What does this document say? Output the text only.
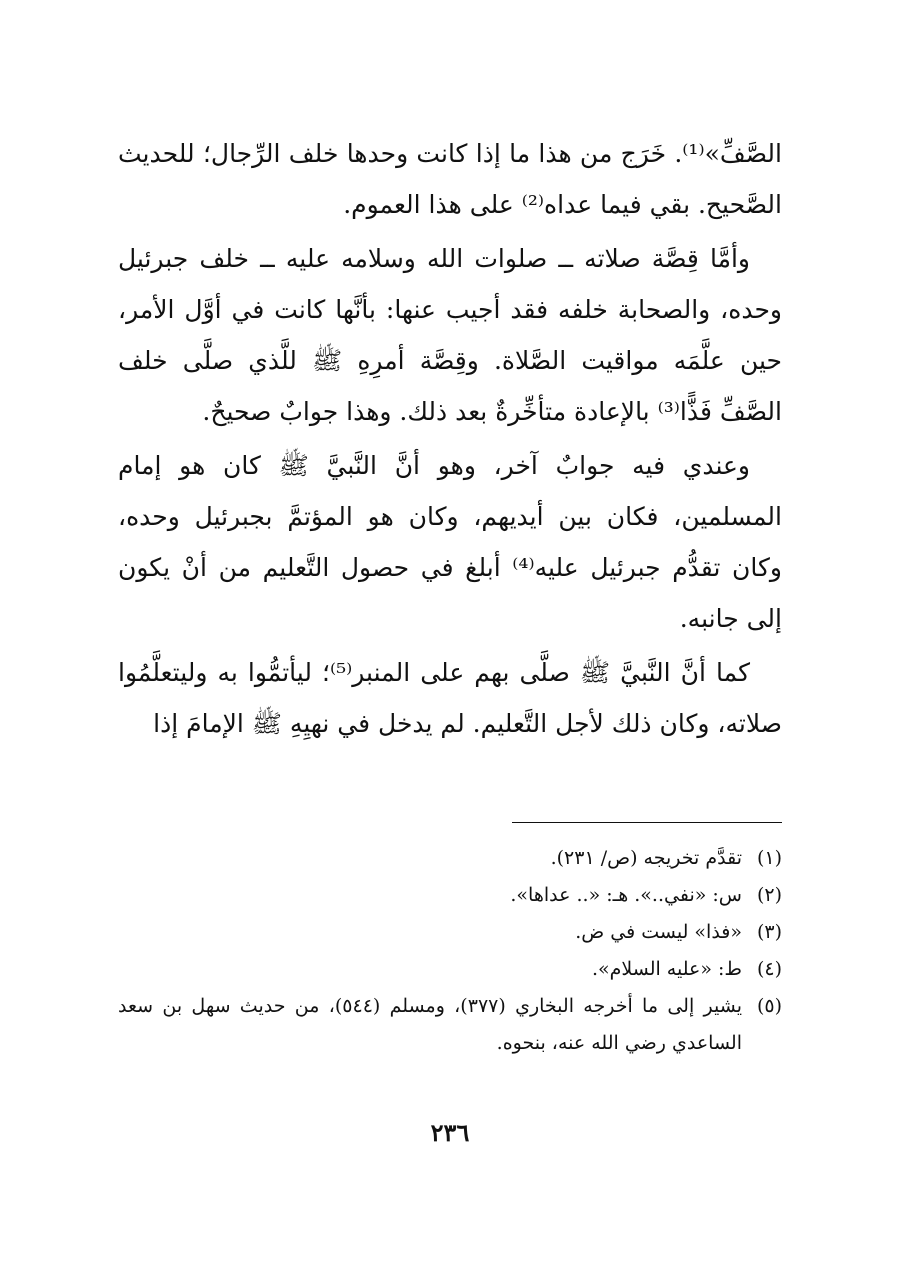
الصَّفِّ»⁽¹⁾. خَرَج من هذا ما إذا كانت وحدها خلف الرِّجال؛ للحديث الصَّحيح. بقي فيما عداه⁽²⁾ على هذا العموم.

وأمَّا قِصَّة صلاته ــ صلوات الله وسلامه عليه ــ خلف جبرئيل وحده، والصحابة خلفه فقد أجيب عنها: بأنَّها كانت في أوَّل الأمر، حين علَّمَه مواقيت الصَّلاة. وقِصَّة أمرِهِ ﷺ للَّذي صلَّى خلف الصَّفِّ فَذًّا⁽³⁾ بالإعادة متأخِّرةٌ بعد ذلك. وهذا جوابٌ صحيحٌ.

وعندي فيه جوابٌ آخر، وهو أنَّ النَّبيَّ ﷺ كان هو إمام المسلمين، فكان بين أيديهم، وكان هو المؤتمَّ بجبرئيل وحده، وكان تقدُّم جبرئيل عليه⁽⁴⁾ أبلغ في حصول التَّعليم من أنْ يكون إلى جانبه.

كما أنَّ النَّبيَّ ﷺ صلَّى بهم على المنبر⁽⁵⁾؛ ليأتمُّوا به وليتعلَّمُوا صلاته، وكان ذلك لأجل التَّعليم. لم يدخل في نهيِهِ ﷺ الإمامَ إذا

(١)
تقدَّم تخريجه (ص/ ٢٣١).
(٢)
س: «نفي..». هـ: «.. عداها».
(٣)
«فذا» ليست في ض.
(٤)
ط: «عليه السلام».
(٥)
يشير إلى ما أخرجه البخاري (٣٧٧)، ومسلم (٥٤٤)، من حديث سهل بن سعد الساعدي رضي الله عنه، بنحوه.
٢٣٦
